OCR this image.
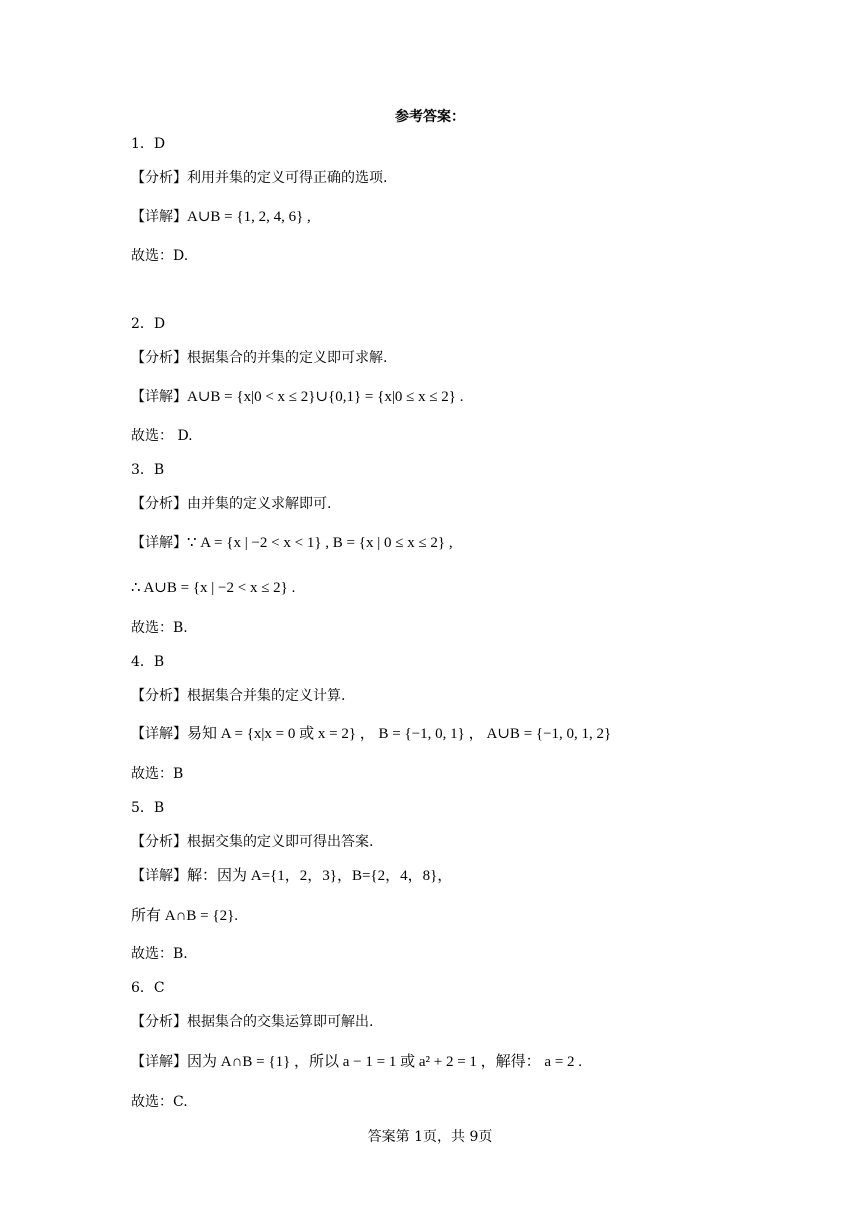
参考答案：
1．D
【分析】利用并集的定义可得正确的选项.
【详解】A∪B = {1, 2, 4, 6} ,
故选：D.
2．D
【分析】根据集合的并集的定义即可求解.
【详解】A∪B = {x|0 < x ≤ 2}∪{0,1} = {x|0 ≤ x ≤ 2} .
故选： D.
3．B
【分析】由并集的定义求解即可.
【详解】∵ A = {x | −2 < x < 1} , B = {x | 0 ≤ x ≤ 2} ,
∴ A∪B = {x | −2 < x ≤ 2} .
故选：B.
4．B
【分析】根据集合并集的定义计算.
【详解】易知 A = {x|x = 0 或 x = 2} ， B = {−1, 0, 1} ， A∪B = {−1, 0, 1, 2}
故选：B
5．B
【分析】根据交集的定义即可得出答案.
【详解】解：因为 A={1，2，3}，B={2，4，8}，
所有 A∩B = {2}.
故选：B.
6．C
【分析】根据集合的交集运算即可解出.
【详解】因为 A∩B = {1} ，所以 a − 1 = 1 或 a² + 2 = 1 ，解得： a = 2 .
故选：C.
答案第 1页，共 9页
